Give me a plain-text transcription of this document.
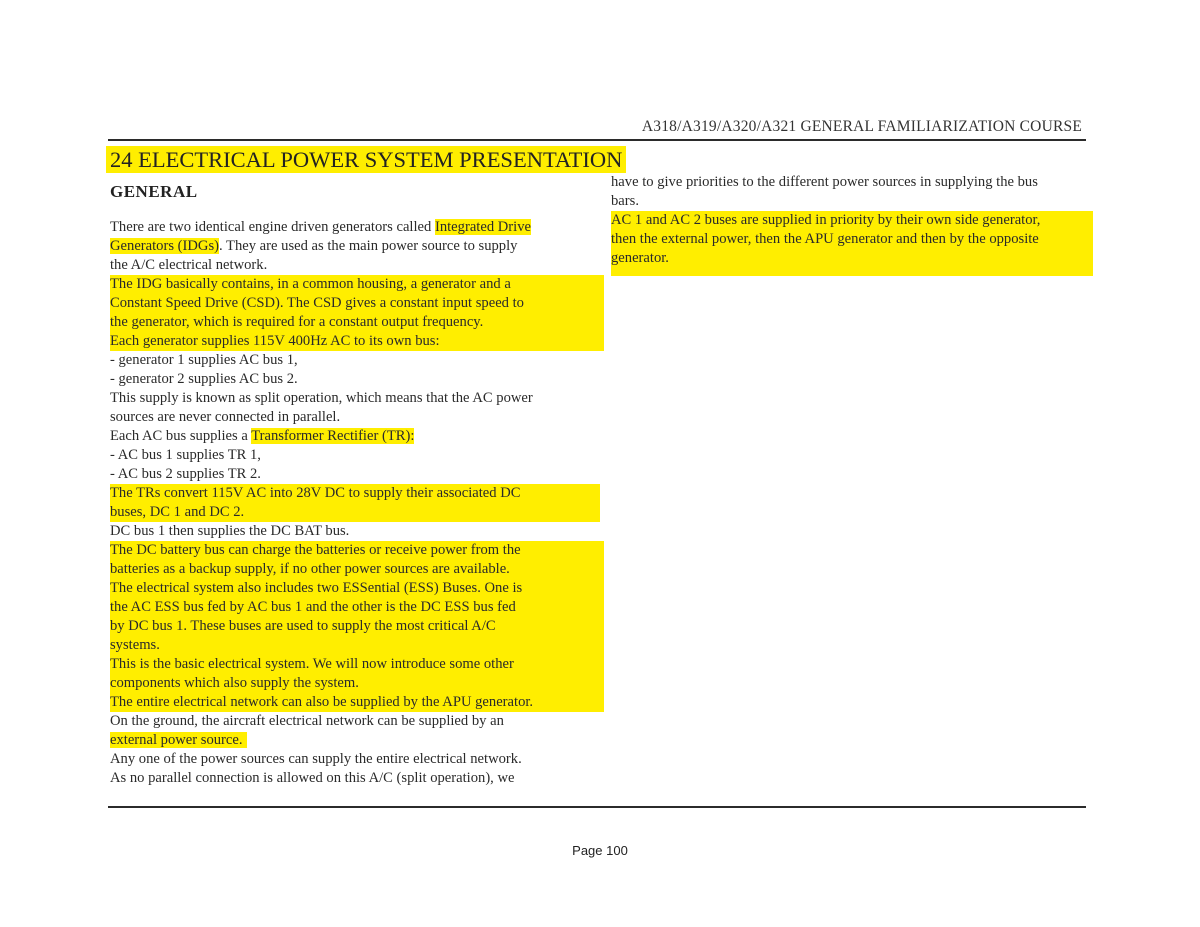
A318/A319/A320/A321 GENERAL FAMILIARIZATION COURSE
24 ELECTRICAL POWER SYSTEM PRESENTATION
GENERAL
There are two identical engine driven generators called Integrated Drive
Generators (IDGs). They are used as the main power source to supply
the A/C electrical network.
The IDG basically contains, in a common housing, a generator and a
Constant Speed Drive (CSD). The CSD gives a constant input speed to
the generator, which is required for a constant output frequency.
Each generator supplies 115V 400Hz AC to its own bus:
- generator 1 supplies AC bus 1,
- generator 2 supplies AC bus 2.
This supply is known as split operation, which means that the AC power
sources are never connected in parallel.
Each AC bus supplies a Transformer Rectifier (TR):
- AC bus 1 supplies TR 1,
- AC bus 2 supplies TR 2.
The TRs convert 115V AC into 28V DC to supply their associated DC
buses, DC 1 and DC 2.
DC bus 1 then supplies the DC BAT bus.
The DC battery bus can charge the batteries or receive power from the
batteries as a backup supply, if no other power sources are available.
The electrical system also includes two ESSential (ESS) Buses. One is
the AC ESS bus fed by AC bus 1 and the other is the DC ESS bus fed
by DC bus 1. These buses are used to supply the most critical A/C
systems.
This is the basic electrical system. We will now introduce some other
components which also supply the system.
The entire electrical network can also be supplied by the APU generator.
On the ground, the aircraft electrical network can be supplied by an
external power source.
Any one of the power sources can supply the entire electrical network.
As no parallel connection is allowed on this A/C (split operation), we
have to give priorities to the different power sources in supplying the bus
bars.
AC 1 and AC 2 buses are supplied in priority by their own side generator,
then the external power, then the APU generator and then by the opposite
generator.
Page 100
